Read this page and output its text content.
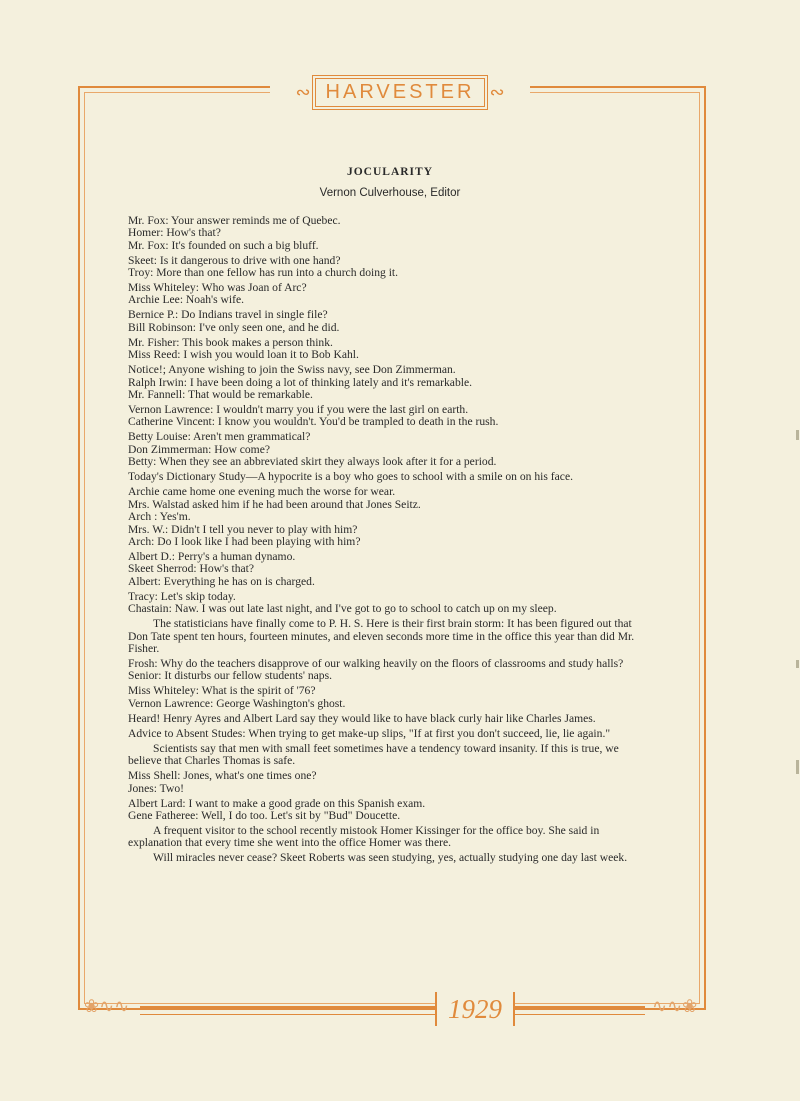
∾ HARVESTER ∾
JOCULARITY
Vernon Culverhouse, Editor
Mr. Fox: Your answer reminds me of Quebec.
Homer: How's that?
Mr. Fox: It's founded on such a big bluff.
Skeet: Is it dangerous to drive with one hand?
Troy: More than one fellow has run into a church doing it.
Miss Whiteley: Who was Joan of Arc?
Archie Lee: Noah's wife.
Bernice P.: Do Indians travel in single file?
Bill Robinson: I've only seen one, and he did.
Mr. Fisher: This book makes a person think.
Miss Reed: I wish you would loan it to Bob Kahl.
Notice!; Anyone wishing to join the Swiss navy, see Don Zimmerman.
Ralph Irwin: I have been doing a lot of thinking lately and it's remarkable.
Mr. Fannell: That would be remarkable.
Vernon Lawrence: I wouldn't marry you if you were the last girl on earth.
Catherine Vincent: I know you wouldn't. You'd be trampled to death in the rush.
Betty Louise: Aren't men grammatical?
Don Zimmerman: How come?
Betty: When they see an abbreviated skirt they always look after it for a period.
Today's Dictionary Study—A hypocrite is a boy who goes to school with a smile on on his face.
Archie came home one evening much the worse for wear.
Mrs. Walstad asked him if he had been around that Jones Seitz.
Arch : Yes'm.
Mrs. W.: Didn't I tell you never to play with him?
Arch: Do I look like I had been playing with him?
Albert D.: Perry's a human dynamo.
Skeet Sherrod: How's that?
Albert: Everything he has on is charged.
Tracy: Let's skip today.
Chastain: Naw. I was out late last night, and I've got to go to school to catch up on my sleep.
The statisticians have finally come to P. H. S. Here is their first brain storm: It has been figured out that Don Tate spent ten hours, fourteen minutes, and eleven seconds more time in the office this year than did Mr. Fisher.
Frosh: Why do the teachers disapprove of our walking heavily on the floors of classrooms and study halls?
Senior: It disturbs our fellow students' naps.
Miss Whiteley: What is the spirit of '76?
Vernon Lawrence: George Washington's ghost.
Heard! Henry Ayres and Albert Lard say they would like to have black curly hair like Charles James.
Advice to Absent Studes: When trying to get make-up slips, "If at first you don't succeed, lie, lie again."
Scientists say that men with small feet sometimes have a tendency toward insanity. If this is true, we believe that Charles Thomas is safe.
Miss Shell: Jones, what's one times one?
Jones: Two!
Albert Lard: I want to make a good grade on this Spanish exam.
Gene Fatheree: Well, I do too. Let's sit by "Bud" Doucette.
A frequent visitor to the school recently mistook Homer Kissinger for the office boy. She said in explanation that every time she went into the office Homer was there.
Will miracles never cease? Skeet Roberts was seen studying, yes, actually studying one day last week.
❀∿∿	1929	∿∿❀
